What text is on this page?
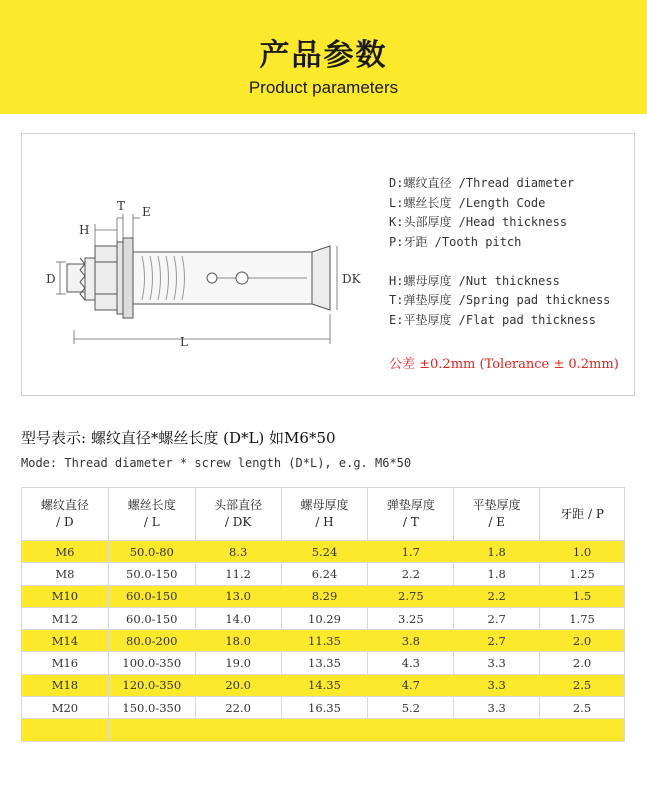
产品参数
Product parameters
H
T E
D	DK
L
D:螺纹直径 /Thread diameter
L:螺丝长度 /Length Code
K:头部厚度 /Head thickness
P:牙距 /Tooth pitch
H:螺母厚度 /Nut thickness
T:弹垫厚度 /Spring pad thickness
E:平垫厚度 /Flat pad thickness
公差 ±0.2mm (Tolerance ± 0.2mm)
型号表示: 螺纹直径*螺丝长度 (D*L) 如M6*50
Mode: Thread diameter * screw length (D*L), e.g. M6*50
螺纹直径
/ D	螺丝长度
/ L	头部直径
/ DK	螺母厚度
/ H	弹垫厚度
/ T	平垫厚度
/ E	牙距 / P
M6	50.0-80	8.3	5.24	1.7	1.8	1.0
M8	50.0-150	11.2	6.24	2.2	1.8	1.25
M10	60.0-150	13.0	8.29	2.75	2.2	1.5
M12	60.0-150	14.0	10.29	3.25	2.7	1.75
M14	80.0-200	18.0	11.35	3.8	2.7	2.0
M16	100.0-350	19.0	13.35	4.3	3.3	2.0
M18	120.0-350	20.0	14.35	4.7	3.3	2.5
M20	150.0-350	22.0	16.35	5.2	3.3	2.5
